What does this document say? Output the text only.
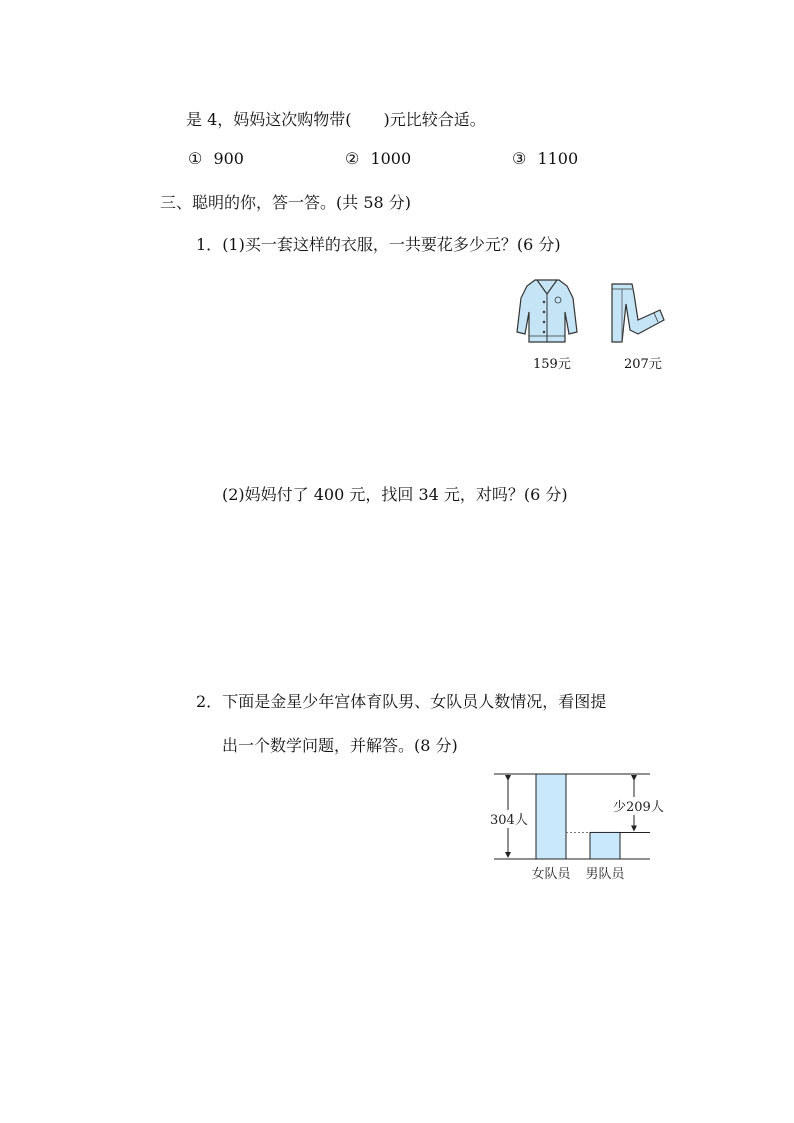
是 4，妈妈这次购物带(　　)元比较合适。
① 900	② 1000	③ 1100
三、聪明的你，答一答。(共 58 分)
1．(1)买一套这样的衣服，一共要花多少元？(6 分)
159元	207元
(2)妈妈付了 400 元，找回 34 元，对吗？(6 分)
2．下面是金星少年宫体育队男、女队员人数情况，看图提
出一个数学问题，并解答。(8 分)
304人
少209人
女队员 男队员
